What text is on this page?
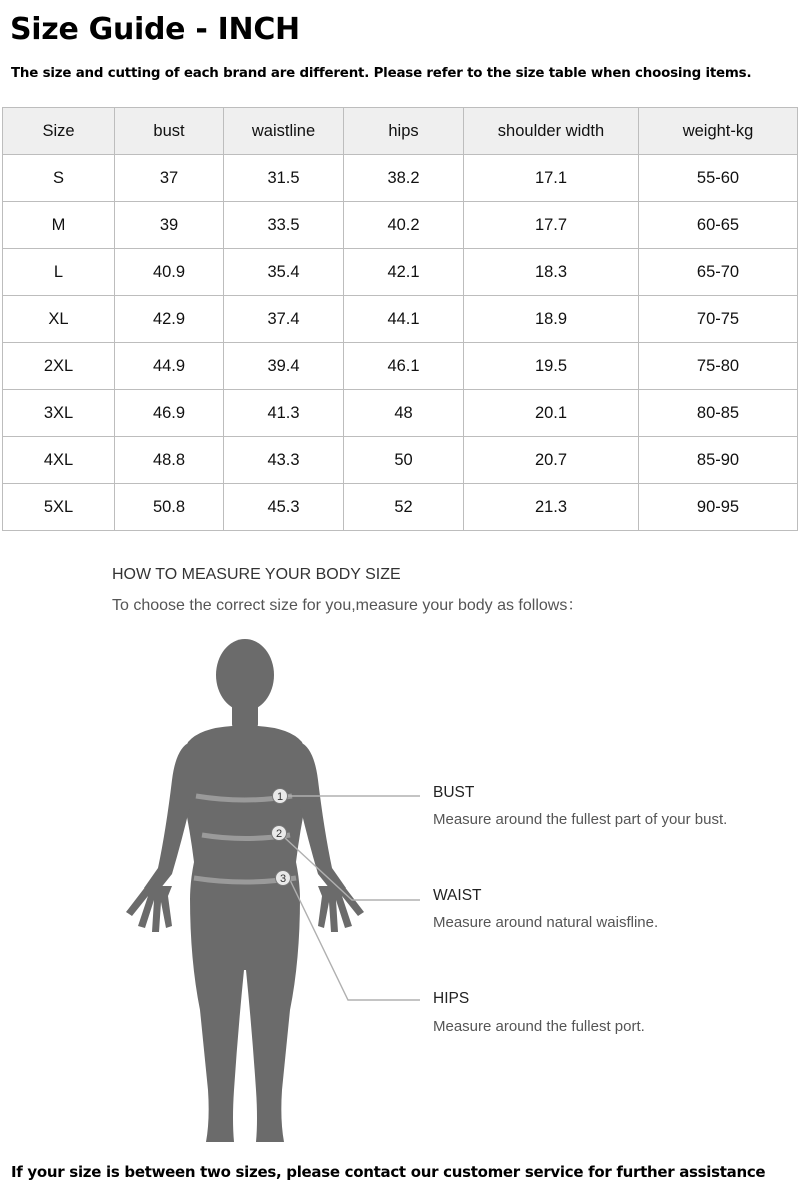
Size Guide - INCH

The size and cutting of each brand are different. Please refer to the size table when choosing items.

Size	bust	waistline	hips	shoulder width	weight-kg
S	37	31.5	38.2	17.1	55-60
M	39	33.5	40.2	17.7	60-65
L	40.9	35.4	42.1	18.3	65-70
XL	42.9	37.4	44.1	18.9	70-75
2XL	44.9	39.4	46.1	19.5	75-80
3XL	46.9	41.3	48	20.1	80-85
4XL	48.8	43.3	50	20.7	85-90
5XL	50.8	45.3	52	21.3	90-95

HOW TO MEASURE YOUR BODY SIZE

To choose the correct size for you,measure your body as follows：

1
2
3

BUST

Measure around the fullest part of your bust.

WAIST

Measure around natural waisfline.

HIPS

Measure around the fullest port.

If your size is between two sizes, please contact our customer service for further assistance
